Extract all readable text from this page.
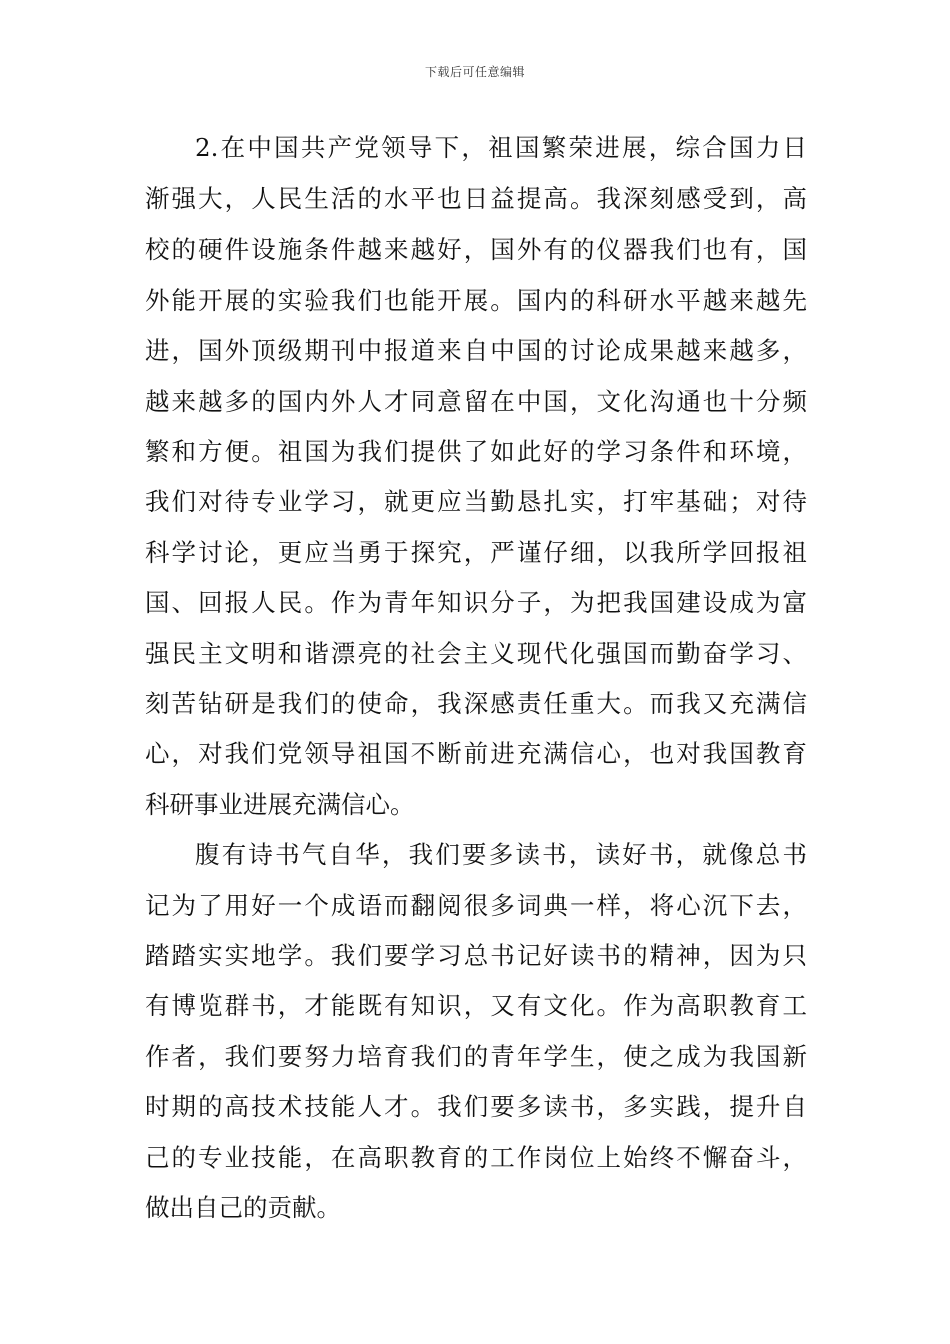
下载后可任意编辑
2.在中国共产党领导下，祖国繁荣进展，综合国力日
渐强大，人民生活的水平也日益提高。我深刻感受到，高
校的硬件设施条件越来越好，国外有的仪器我们也有，国
外能开展的实验我们也能开展。国内的科研水平越来越先
进，国外顶级期刊中报道来自中国的讨论成果越来越多，
越来越多的国内外人才同意留在中国，文化沟通也十分频
繁和方便。祖国为我们提供了如此好的学习条件和环境，
我们对待专业学习，就更应当勤恳扎实，打牢基础；对待
科学讨论，更应当勇于探究，严谨仔细，以我所学回报祖
国、回报人民。作为青年知识分子，为把我国建设成为富
强民主文明和谐漂亮的社会主义现代化强国而勤奋学习、
刻苦钻研是我们的使命，我深感责任重大。而我又充满信
心，对我们党领导祖国不断前进充满信心，也对我国教育
科研事业进展充满信心。
腹有诗书气自华，我们要多读书，读好书，就像总书
记为了用好一个成语而翻阅很多词典一样，将心沉下去，
踏踏实实地学。我们要学习总书记好读书的精神，因为只
有博览群书，才能既有知识，又有文化。作为高职教育工
作者，我们要努力培育我们的青年学生，使之成为我国新
时期的高技术技能人才。我们要多读书，多实践，提升自
己的专业技能，在高职教育的工作岗位上始终不懈奋斗，
做出自己的贡献。
